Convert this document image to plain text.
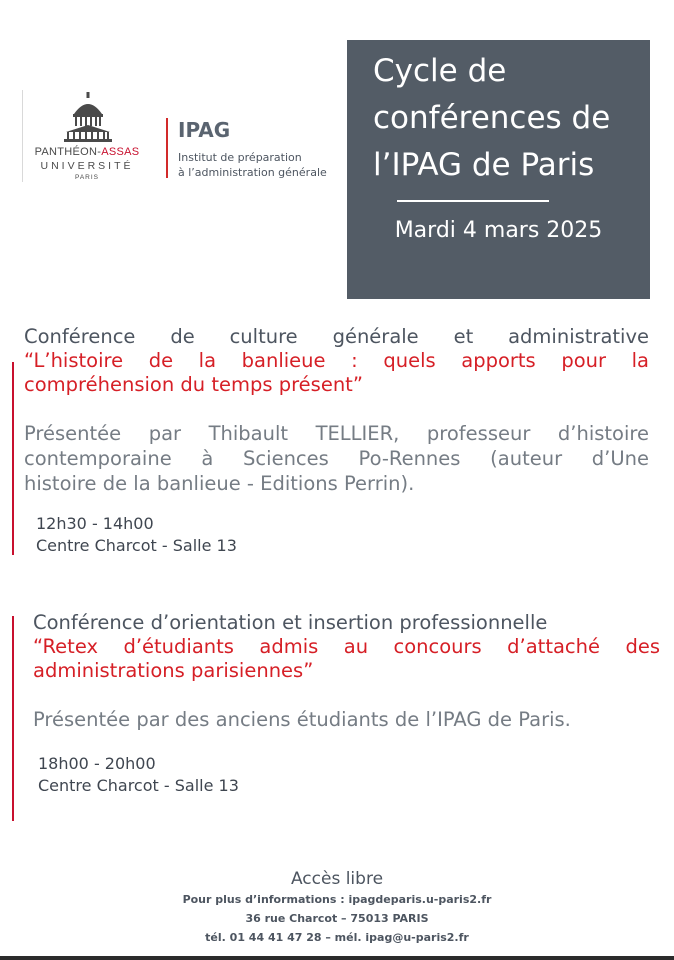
PANTHÉON-ASSAS
UNIVERSITÉ
PARIS
IPAG
Institut de préparation
à l’administration générale
Cycle de
conférences de
l’IPAG de Paris
Mardi 4 mars 2025
Conférence de culture générale et administrative
“L’histoire de la banlieue : quels apports pour la
compréhension du temps présent”
Présentée par Thibault TELLIER, professeur d’histoire
contemporaine à Sciences Po-Rennes (auteur d’Une
histoire de la banlieue - Editions Perrin).
12h30 - 14h00
Centre Charcot - Salle 13
Conférence d’orientation et insertion professionnelle
“Retex d’étudiants admis au concours d’attaché des
administrations parisiennes”
Présentée par des anciens étudiants de l’IPAG de Paris.
18h00 - 20h00
Centre Charcot - Salle 13
Accès libre
Pour plus d’informations : ipagdeparis.u-paris2.fr
36 rue Charcot – 75013 PARIS
tél. 01 44 41 47 28 – mél. ipag@u-paris2.fr
